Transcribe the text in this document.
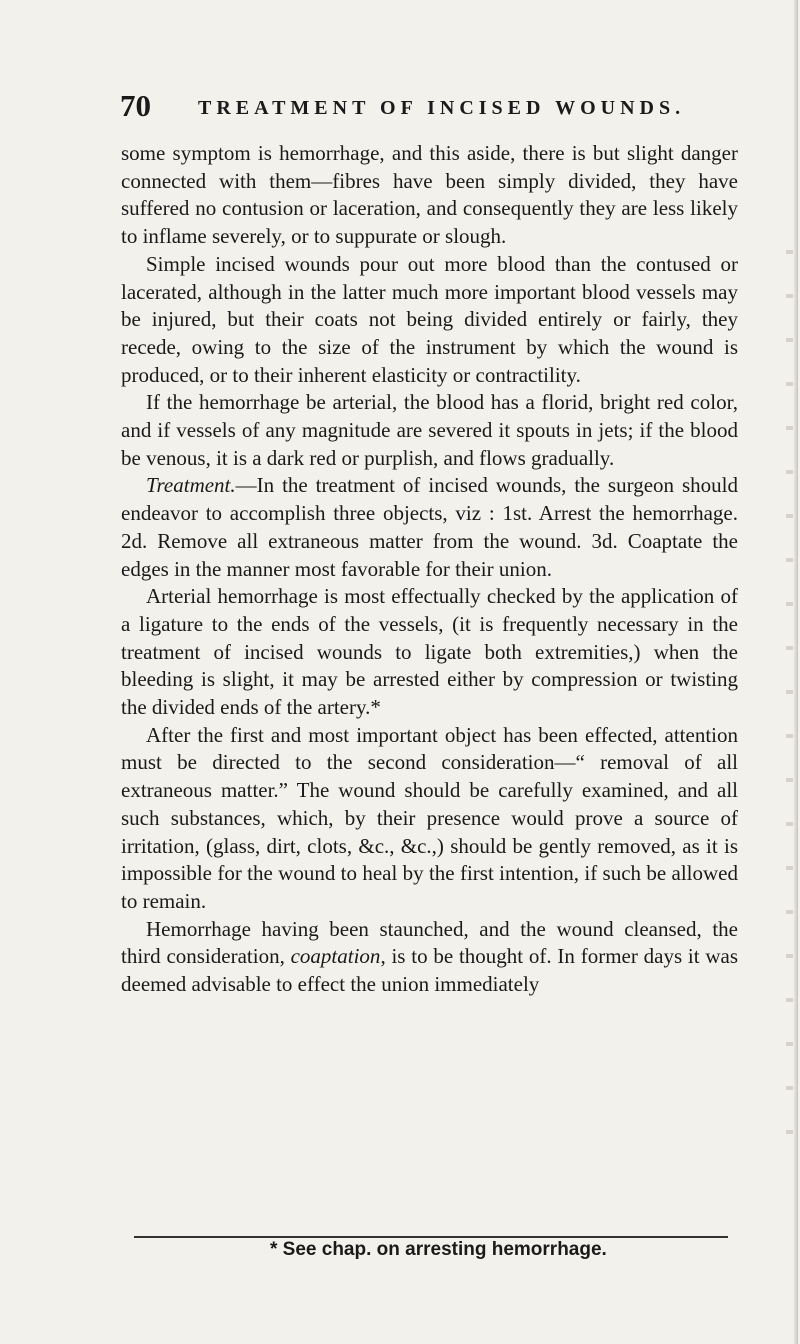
70 TREATMENT OF INCISED WOUNDS.

some symptom is hemorrhage, and this aside, there is but slight danger connected with them—fibres have been simply divided, they have suffered no contusion or laceration, and consequently they are less likely to inflame severely, or to suppurate or slough.

Simple incised wounds pour out more blood than the contused or lacerated, although in the latter much more important blood vessels may be injured, but their coats not being divided entirely or fairly, they recede, owing to the size of the instrument by which the wound is produced, or to their inherent elasticity or contractility.

If the hemorrhage be arterial, the blood has a florid, bright red color, and if vessels of any magnitude are severed it spouts in jets; if the blood be venous, it is a dark red or purplish, and flows gradually.

Treatment.—In the treatment of incised wounds, the surgeon should endeavor to accomplish three objects, viz : 1st. Arrest the hemorrhage. 2d. Remove all extraneous matter from the wound. 3d. Coaptate the edges in the manner most favorable for their union.

Arterial hemorrhage is most effectually checked by the application of a ligature to the ends of the vessels, (it is frequently necessary in the treatment of incised wounds to ligate both extremities,) when the bleeding is slight, it may be arrested either by compression or twisting the divided ends of the artery.*

After the first and most important object has been effected, attention must be directed to the second consideration—“ removal of all extraneous matter.” The wound should be carefully examined, and all such substances, which, by their presence would prove a source of irritation, (glass, dirt, clots, &c., &c.,) should be gently removed, as it is impossible for the wound to heal by the first intention, if such be allowed to remain.

Hemorrhage having been staunched, and the wound cleansed, the third consideration, coaptation, is to be thought of. In former days it was deemed advisable to effect the union immediately

* See chap. on arresting hemorrhage.
